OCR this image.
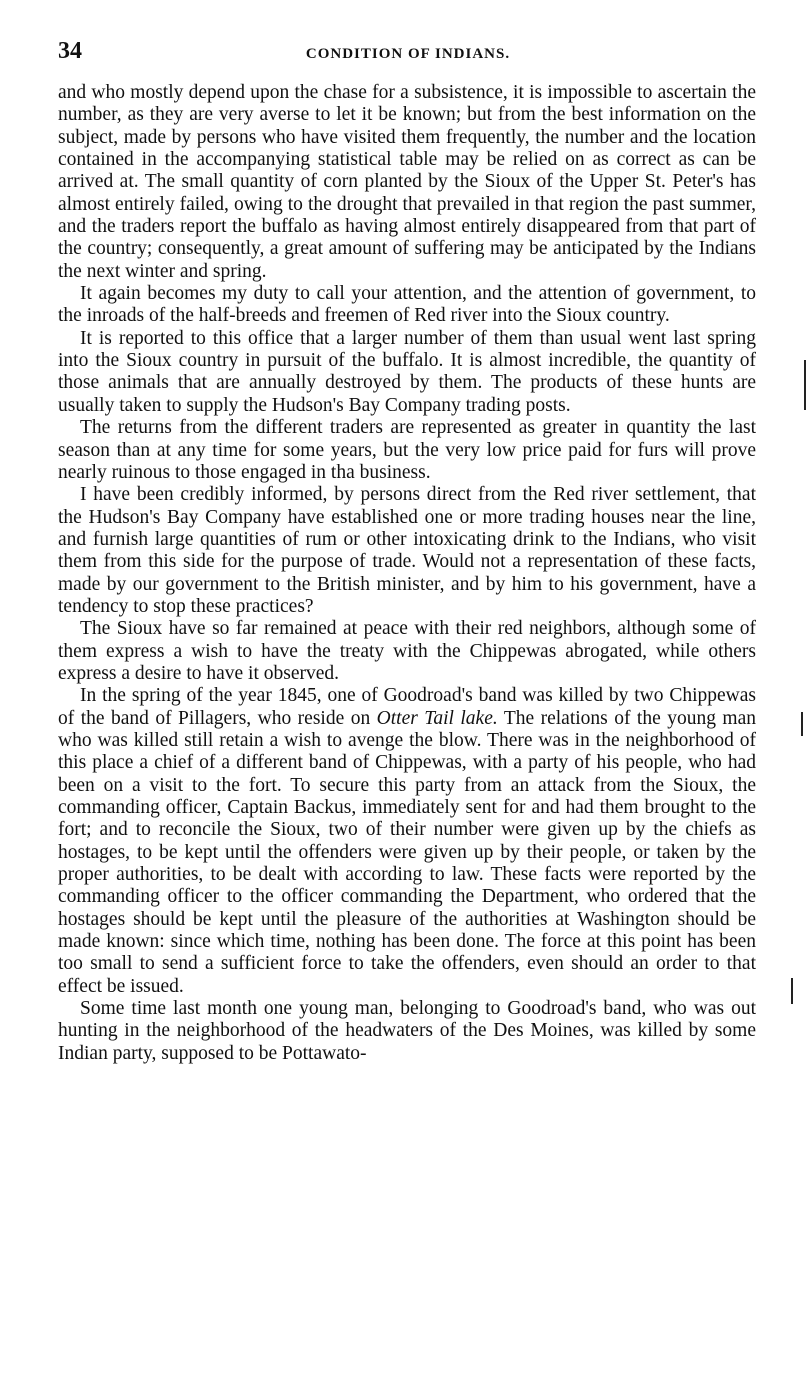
34	CONDITION OF INDIANS.

and who mostly depend upon the chase for a subsistence, it is impossible to ascertain the number, as they are very averse to let it be known; but from the best information on the subject, made by persons who have visited them frequently, the number and the location contained in the accompanying statistical table may be relied on as correct as can be arrived at. The small quantity of corn planted by the Sioux of the Upper St. Peter's has almost entirely failed, owing to the drought that prevailed in that region the past summer, and the traders report the buffalo as having almost entirely disappeared from that part of the country; consequently, a great amount of suffering may be anticipated by the Indians the next winter and spring.

It again becomes my duty to call your attention, and the attention of government, to the inroads of the half-breeds and freemen of Red river into the Sioux country.

It is reported to this office that a larger number of them than usual went last spring into the Sioux country in pursuit of the buffalo. It is almost incredible, the quantity of those animals that are annually destroyed by them. The products of these hunts are usually taken to supply the Hudson's Bay Company trading posts.

The returns from the different traders are represented as greater in quantity the last season than at any time for some years, but the very low price paid for furs will prove nearly ruinous to those engaged in tha business.

I have been credibly informed, by persons direct from the Red river settlement, that the Hudson's Bay Company have established one or more trading houses near the line, and furnish large quantities of rum or other intoxicating drink to the Indians, who visit them from this side for the purpose of trade. Would not a representation of these facts, made by our government to the British minister, and by him to his government, have a tendency to stop these practices?

The Sioux have so far remained at peace with their red neighbors, although some of them express a wish to have the treaty with the Chippewas abrogated, while others express a desire to have it observed.

In the spring of the year 1845, one of Goodroad's band was killed by two Chippewas of the band of Pillagers, who reside on Otter Tail lake. The relations of the young man who was killed still retain a wish to avenge the blow. There was in the neighborhood of this place a chief of a different band of Chippewas, with a party of his people, who had been on a visit to the fort. To secure this party from an attack from the Sioux, the commanding officer, Captain Backus, immediately sent for and had them brought to the fort; and to reconcile the Sioux, two of their number were given up by the chiefs as hostages, to be kept until the offenders were given up by their people, or taken by the proper authorities, to be dealt with according to law. These facts were reported by the commanding officer to the officer commanding the Department, who ordered that the hostages should be kept until the pleasure of the authorities at Washington should be made known: since which time, nothing has been done. The force at this point has been too small to send a sufficient force to take the offenders, even should an order to that effect be issued.

Some time last month one young man, belonging to Goodroad's band, who was out hunting in the neighborhood of the headwaters of the Des Moines, was killed by some Indian party, supposed to be Pottawato-
